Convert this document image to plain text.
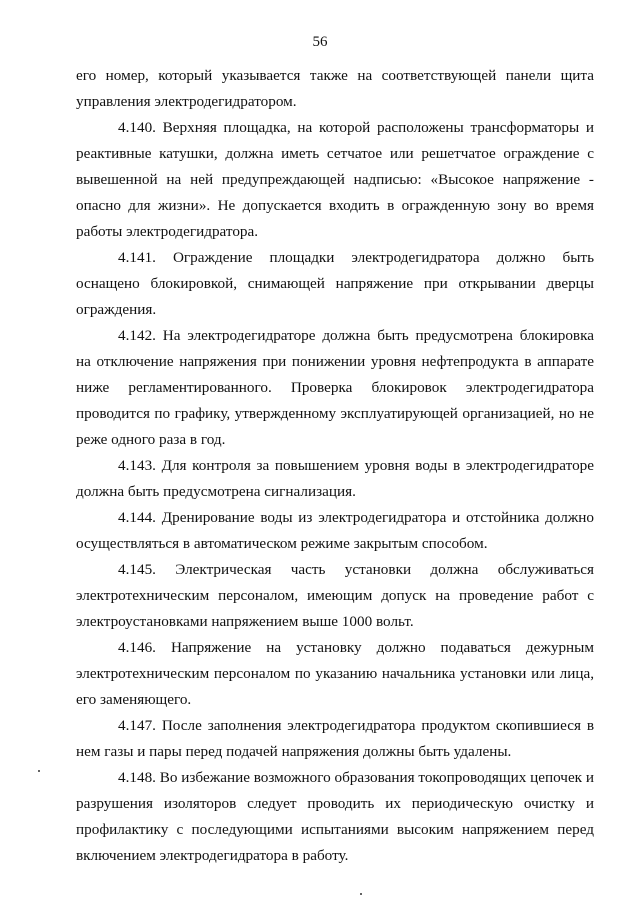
56

его номер, который указывается также на соответствующей панели щита управления электродегидратором.

4.140. Верхняя площадка, на которой расположены трансформаторы и реактивные катушки, должна иметь сетчатое или решетчатое ограждение с вывешенной на ней предупреждающей надписью: «Высокое напряжение - опасно для жизни». Не допускается входить в огражденную зону во время работы электродегидратора.

4.141. Ограждение площадки электродегидратора должно быть оснащено блокировкой, снимающей напряжение при открывании дверцы ограждения.

4.142. На электродегидраторе должна быть предусмотрена блокировка на отключение напряжения при понижении уровня нефтепродукта в аппарате ниже регламентированного. Проверка блокировок электродегидратора проводится по графику, утвержденному эксплуатирующей организацией, но не реже одного раза в год.

4.143. Для контроля за повышением уровня воды в электродегидраторе должна быть предусмотрена сигнализация.

4.144. Дренирование воды из электродегидратора и отстойника должно осуществляться в автоматическом режиме закрытым способом.

4.145. Электрическая часть установки должна обслуживаться электротехническим персоналом, имеющим допуск на проведение работ с электроустановками напряжением выше 1000 вольт.

4.146. Напряжение на установку должно подаваться дежурным электротехническим персоналом по указанию начальника установки или лица, его заменяющего.

4.147. После заполнения электродегидратора продуктом скопившиеся в нем газы и пары перед подачей напряжения должны быть удалены.

4.148. Во избежание возможного образования токопроводящих цепочек и разрушения изоляторов следует проводить их периодическую очистку и профилактику с последующими испытаниями высоким напряжением перед включением электродегидратора в работу.
